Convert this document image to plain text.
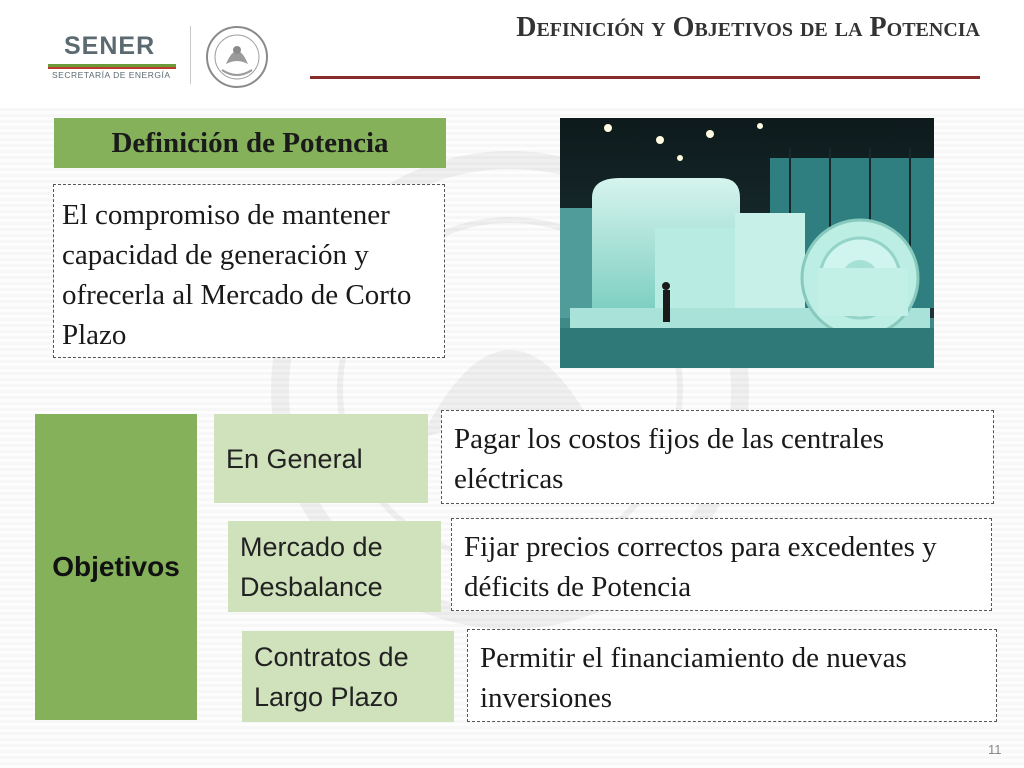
SENER
SECRETARÍA DE ENERGÍA
Definición y Objetivos de la Potencia
Definición de Potencia
El compromiso de mantener capacidad de generación y ofrecerla al Mercado de Corto Plazo
Objetivos
En General
Pagar los costos fijos de las centrales eléctricas
Mercado de Desbalance
Fijar precios correctos para excedentes y déficits de Potencia
Contratos de Largo Plazo
Permitir el financiamiento de nuevas inversiones
11
